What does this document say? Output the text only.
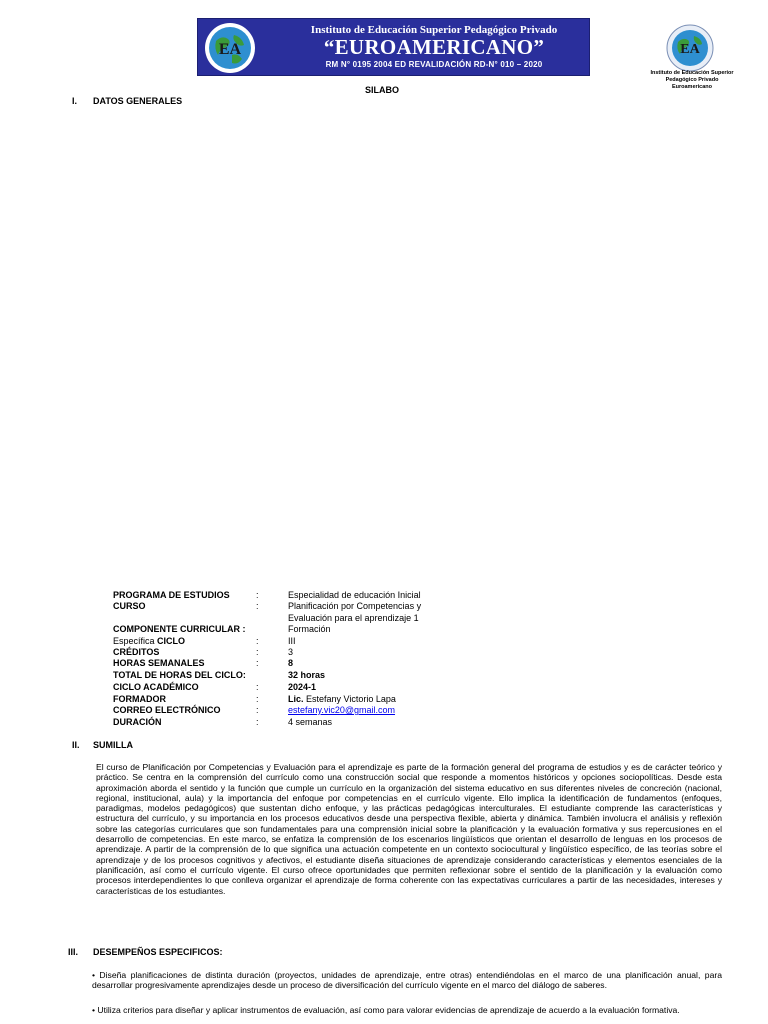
EA
Instituto de Educación Superior Pedagógico Privado
“EUROAMERICANO”
RM N° 0195 2004 ED REVALIDACIÓN RD-N° 010 – 2020
EA
Instituto de Educación Superior Pedagógico Privado Euroamericano
SILABO
I. DATOS GENERALES
PROGRAMA DE ESTUDIOS	:	Especialidad de educación Inicial
CURSO	:	Planificación por Competencias y
Evaluación para el aprendizaje 1
COMPONENTE CURRICULAR :	Formación
Específica CICLO	:	III
CRÉDITOS	:	3
HORAS SEMANALES	:	8
TOTAL DE HORAS DEL CICLO:	32 horas
CICLO ACADÉMICO	:	2024-1
FORMADOR	:	Lic. Estefany Victorio Lapa
CORREO ELECTRÓNICO	:	estefany.vic20@gmail.com
DURACIÓN	:	4 semanas
II. SUMILLA
El curso de Planificación por Competencias y Evaluación para el aprendizaje es parte de la formación general del programa de estudios y es de carácter teórico y práctico. Se centra en la comprensión del currículo como una construcción social que responde a momentos históricos y opciones sociopolíticas. Desde esta aproximación aborda el sentido y la función que cumple un currículo en la organización del sistema educativo en sus diferentes niveles de concreción (nacional, regional, institucional, aula) y la importancia del enfoque por competencias en el currículo vigente. Ello implica la identificación de fundamentos (enfoques, paradigmas, modelos pedagógicos) que sustentan dicho enfoque, y las prácticas pedagógicas interculturales. El estudiante comprende las características y estructura del currículo, y su importancia en los procesos educativos desde una perspectiva flexible, abierta y dinámica. También involucra el análisis y reflexión sobre las categorías curriculares que son fundamentales para una comprensión inicial sobre la planificación y la evaluación formativa y sus repercusiones en el desarrollo de competencias. En este marco, se enfatiza la comprensión de los escenarios lingüísticos que orientan el desarrollo de lenguas en los procesos de aprendizaje. A partir de la comprensión de lo que significa una actuación competente en un contexto sociocultural y lingüístico específico, de las teorías sobre el aprendizaje y de los procesos cognitivos y afectivos, el estudiante diseña situaciones de aprendizaje considerando características y elementos esenciales de la planificación, así como el currículo vigente. El curso ofrece oportunidades que permiten reflexionar sobre el sentido de la planificación y la evaluación como procesos interdependientes lo que conlleva organizar el aprendizaje de forma coherente con las expectativas curriculares a partir de las necesidades, intereses y características de los estudiantes.
III. DESEMPEÑOS ESPECIFICOS:
• Diseña planificaciones de distinta duración (proyectos, unidades de aprendizaje, entre otras) entendiéndolas en el marco de una planificación anual, para desarrollar progresivamente aprendizajes desde un proceso de diversificación del currículo vigente en el marco del diálogo de saberes.
• Utiliza criterios para diseñar y aplicar instrumentos de evaluación, así como para valorar evidencias de aprendizaje de acuerdo a la evaluación formativa.
